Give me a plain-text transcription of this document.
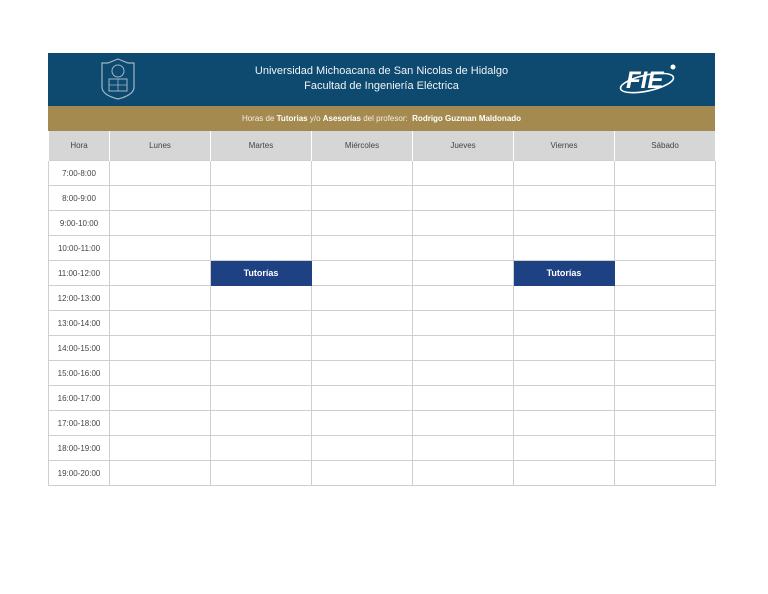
Universidad Michoacana de San Nicolas de Hidalgo
Facultad de Ingeniería Eléctrica	FIE
Horas de Tutorias y/o Asesorías del profesor: Rodrigo Guzman Maldonado
Hora	Lunes	Martes	Miércoles	Jueves	Viernes	Sábado
7:00-8:00						
8:00-9:00						
9:00-10:00						
10:00-11:00						
11:00-12:00		Tutorías			Tutorías	
12:00-13:00						
13:00-14:00						
14:00-15:00						
15:00-16:00						
16:00-17:00						
17:00-18:00						
18:00-19:00						
19:00-20:00						
